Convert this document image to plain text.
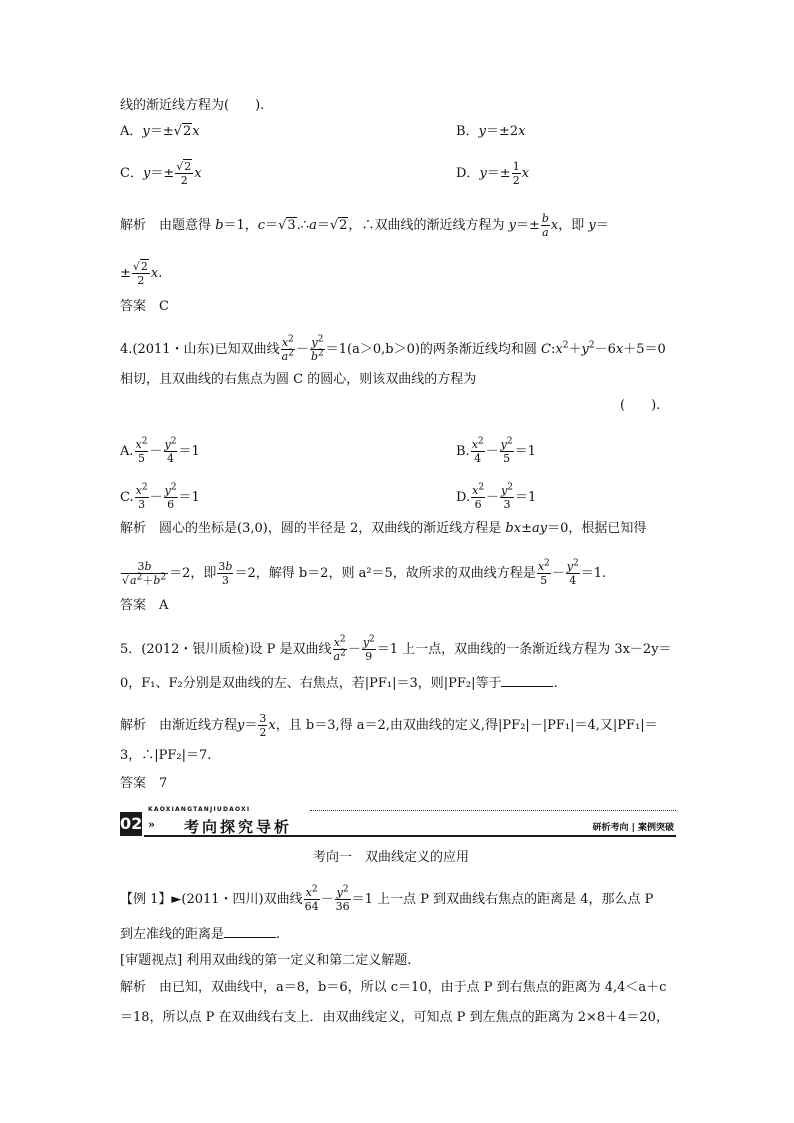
线的渐近线方程为(　　).
A．y＝±√2x	B．y＝±2x
C．$y=\pm \frac{√2}{2}$ x	D．$y=\pm \frac{1}{2}$ x
解析　 由题意得 b＝1，c＝√3.∴a＝√2，∴双曲线的渐近线方程为 $y=\pm \frac{b}{a}$ x，即 y＝
± $\frac{√2}{2} x$.
答案　 C
4.(2011・山东)已知双曲线 $\frac{x^2}{a^2} - \frac{y^2}{b^2} =1(a>0,b>0)$的两条渐近线均和圆 $C:x^2+y^2-6x+5=0$
相切，且双曲线的右焦点为圆 C 的圆心，则该双曲线的方程为
(　　).
A. $\frac{x^2}{5} - \frac{y^2}{4} =1$	B. $\frac{x^2}{4} - \frac{y^2}{5} =1$
C. $\frac{x^2}{3} - \frac{y^2}{6} =1$	D. $\frac{x^2}{6} - \frac{y^2}{3} =1$
解析　 圆心的坐标是(3,0)，圆的半径是 2，双曲线的渐近线方程是 bx±ay＝0，根据已知得
$\frac{3b}{√a^2+b^2} =2$，即 $\frac{3b}{3} =2$，解得 b＝2，则 a²＝5，故所求的双曲线方程是 $\frac{x^2}{5} - \frac{y^2}{4} =1$.
答案　 A
5．(2012・银川质检)设 P 是双曲线 $\frac{x^2}{a^2} - \frac{y^2}{9} =1$ 上一点，双曲线的一条渐近线方程为 3x－2y＝
0，F₁、F₂分别是双曲线的左、右焦点，若|PF₁|＝3，则|PF₂|等于	.
解析　 由渐近线方程$y= \frac{3}{2}$ x，且 b＝3,得 a＝2,由双曲线的定义,得|PF₂|－|PF₁|＝4,又|PF₁|＝
3，∴|PF₂|＝7.
答案　 7
02
KAOXIANGTANJIUDAOXI
» 考向探究导析	研析考向 | 案例突破
考向一　双曲线定义的应用
【例 1】►(2011・四川)双曲线 $\frac{x^2}{64} - \frac{y^2}{36} =1$ 上一点 P 到双曲线右焦点的距离是 4，那么点 P
到左准线的距离是	.
[审题视点] 利用双曲线的第一定义和第二定义解题.
解析　 由已知，双曲线中，a＝8，b＝6，所以 c＝10，由于点 P 到右焦点的距离为 4,4＜a＋c
＝18，所以点 P 在双曲线右支上．由双曲线定义，可知点 P 到左焦点的距离为 2×8＋4＝20，
